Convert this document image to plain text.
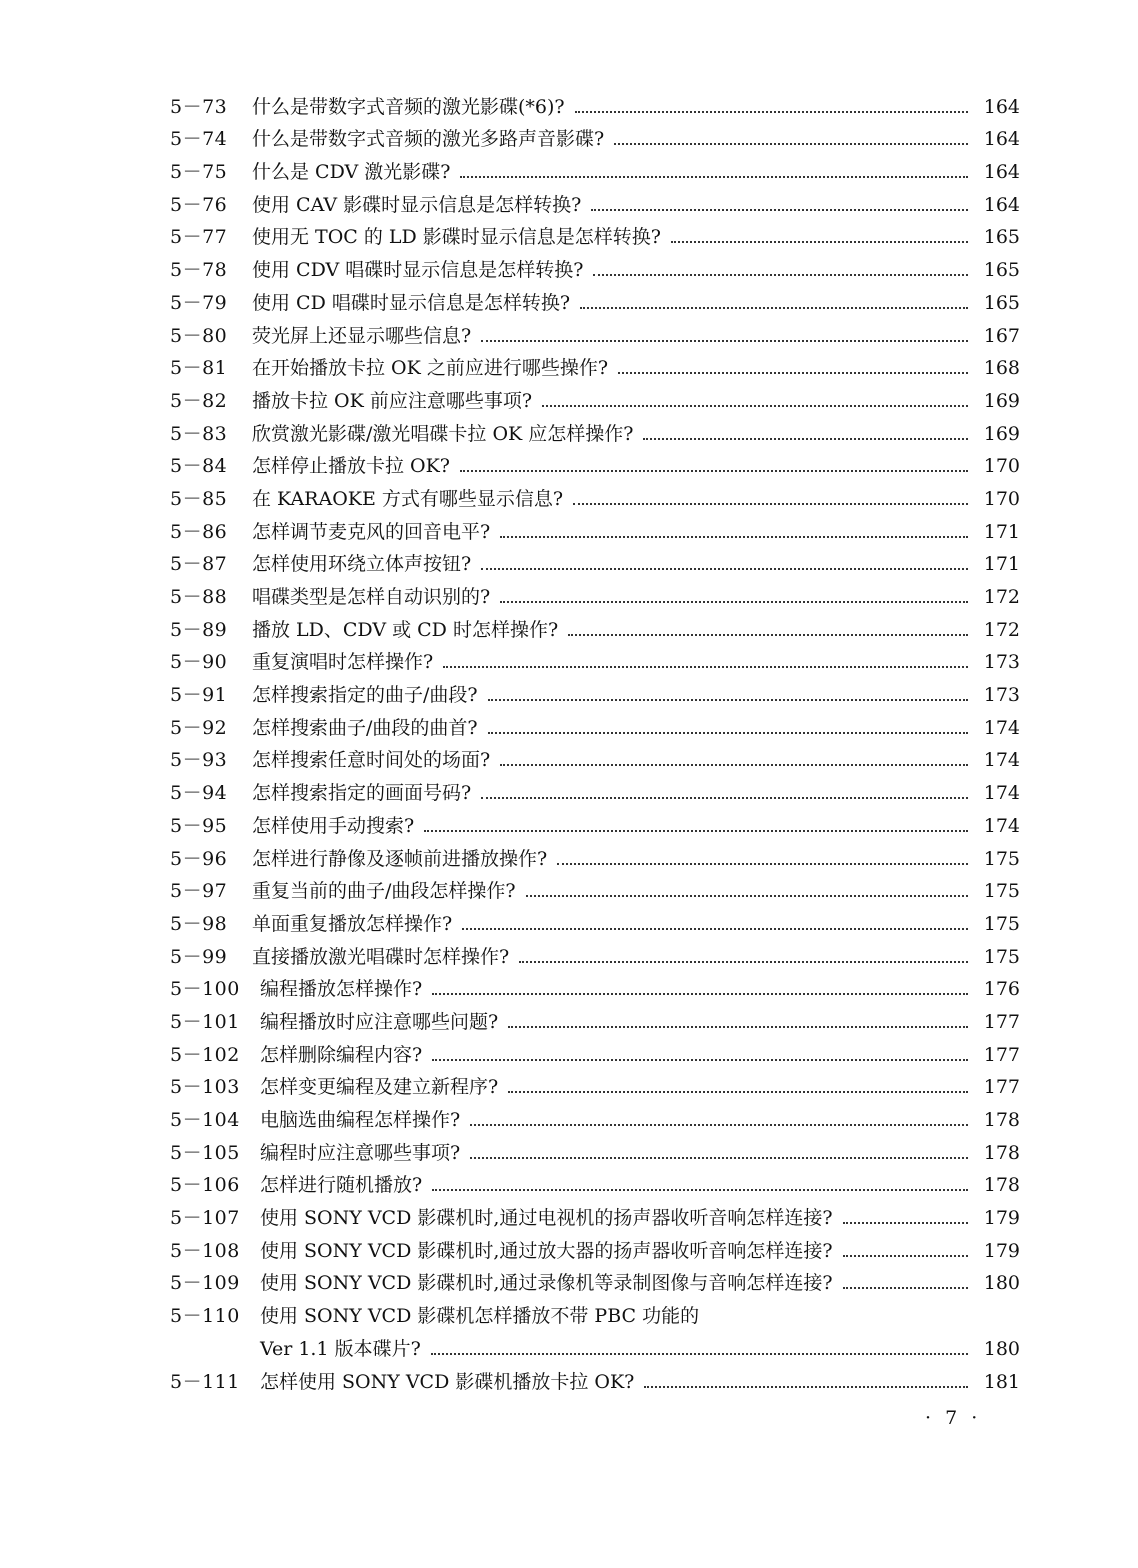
5－73	什么是带数字式音频的激光影碟(*6)?	164
5－74	什么是带数字式音频的激光多路声音影碟?	164
5－75	什么是 CDV 激光影碟?	164
5－76	使用 CAV 影碟时显示信息是怎样转换?	164
5－77	使用无 TOC 的 LD 影碟时显示信息是怎样转换?	165
5－78	使用 CDV 唱碟时显示信息是怎样转换?	165
5－79	使用 CD 唱碟时显示信息是怎样转换?	165
5－80	荧光屏上还显示哪些信息?	167
5－81	在开始播放卡拉 OK 之前应进行哪些操作?	168
5－82	播放卡拉 OK 前应注意哪些事项?	169
5－83	欣赏激光影碟/激光唱碟卡拉 OK 应怎样操作?	169
5－84	怎样停止播放卡拉 OK?	170
5－85	在 KARAOKE 方式有哪些显示信息?	170
5－86	怎样调节麦克风的回音电平?	171
5－87	怎样使用环绕立体声按钮?	171
5－88	唱碟类型是怎样自动识别的?	172
5－89	播放 LD、CDV 或 CD 时怎样操作?	172
5－90	重复演唱时怎样操作?	173
5－91	怎样搜索指定的曲子/曲段?	173
5－92	怎样搜索曲子/曲段的曲首?	174
5－93	怎样搜索任意时间处的场面?	174
5－94	怎样搜索指定的画面号码?	174
5－95	怎样使用手动搜索?	174
5－96	怎样进行静像及逐帧前进播放操作?	175
5－97	重复当前的曲子/曲段怎样操作?	175
5－98	单面重复播放怎样操作?	175
5－99	直接播放激光唱碟时怎样操作?	175
5－100	编程播放怎样操作?	176
5－101	编程播放时应注意哪些问题?	177
5－102	怎样删除编程内容?	177
5－103	怎样变更编程及建立新程序?	177
5－104	电脑选曲编程怎样操作?	178
5－105	编程时应注意哪些事项?	178
5－106	怎样进行随机播放?	178
5－107	使用 SONY VCD 影碟机时,通过电视机的扬声器收听音响怎样连接?	179
5－108	使用 SONY VCD 影碟机时,通过放大器的扬声器收听音响怎样连接?	179
5－109	使用 SONY VCD 影碟机时,通过录像机等录制图像与音响怎样连接?	180
5－110	使用 SONY VCD 影碟机怎样播放不带 PBC 功能的
Ver 1.1 版本碟片?	180
5－111	怎样使用 SONY VCD 影碟机播放卡拉 OK?	181
· 7 ·
